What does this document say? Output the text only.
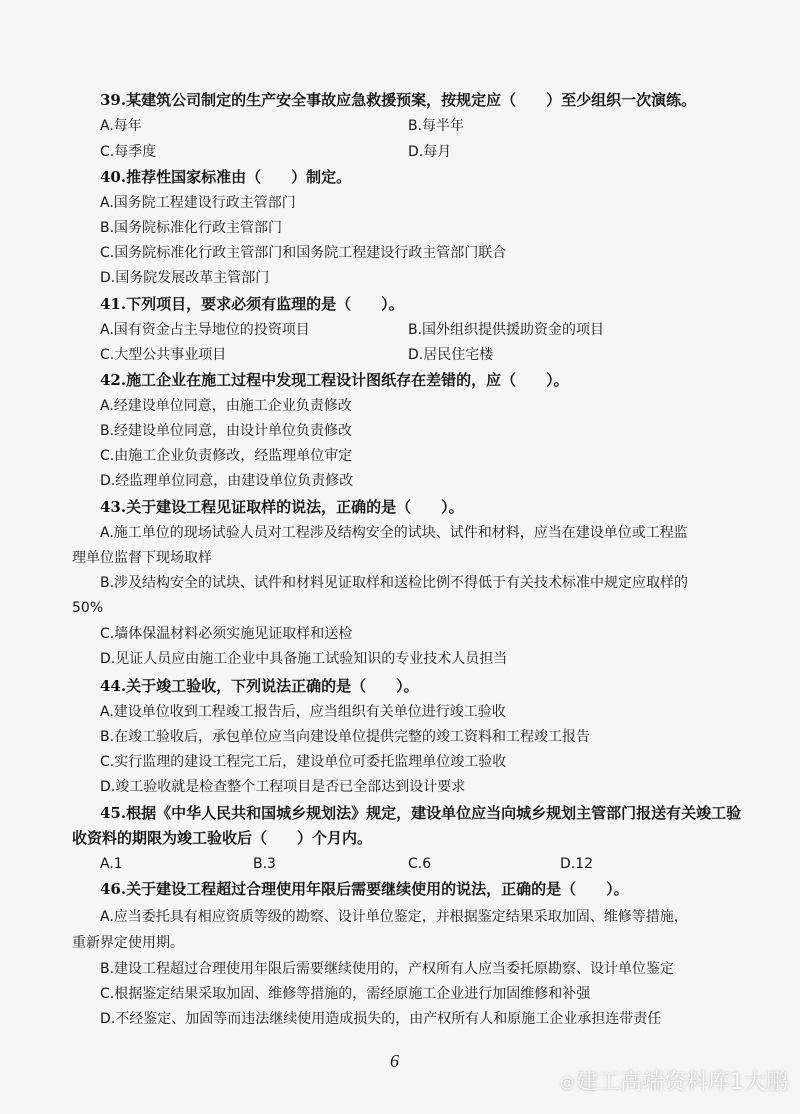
39.某建筑公司制定的生产安全事故应急救援预案，按规定应（　　）至少组织一次演练。
A.每年	B.每半年
C.每季度	D.每月
40.推荐性国家标准由（　　）制定。
A.国务院工程建设行政主管部门
B.国务院标准化行政主管部门
C.国务院标准化行政主管部门和国务院工程建设行政主管部门联合
D.国务院发展改革主管部门
41.下列项目，要求必须有监理的是（　　）。
A.国有资金占主导地位的投资项目	B.国外组织提供援助资金的项目
C.大型公共事业项目	D.居民住宅楼
42.施工企业在施工过程中发现工程设计图纸存在差错的，应（　　）。
A.经建设单位同意，由施工企业负责修改
B.经建设单位同意，由设计单位负责修改
C.由施工企业负责修改，经监理单位审定
D.经监理单位同意，由建设单位负责修改
43.关于建设工程见证取样的说法，正确的是（　　）。
A.施工单位的现场试验人员对工程涉及结构安全的试块、试件和材料，应当在建设单位或工程监
理单位监督下现场取样
B.涉及结构安全的试块、试件和材料见证取样和送检比例不得低于有关技术标准中规定应取样的
50%
C.墙体保温材料必须实施见证取样和送检
D.见证人员应由施工企业中具备施工试验知识的专业技术人员担当
44.关于竣工验收，下列说法正确的是（　　）。
A.建设单位收到工程竣工报告后，应当组织有关单位进行竣工验收
B.在竣工验收后，承包单位应当向建设单位提供完整的竣工资料和工程竣工报告
C.实行监理的建设工程完工后，建设单位可委托监理单位竣工验收
D.竣工验收就是检查整个工程项目是否已全部达到设计要求
45.根据《中华人民共和国城乡规划法》规定，建设单位应当向城乡规划主管部门报送有关竣工验
收资料的期限为竣工验收后（　　）个月内。
A.1	B.3	C.6	D.12
46.关于建设工程超过合理使用年限后需要继续使用的说法，正确的是（　　）。
A.应当委托具有相应资质等级的勘察、设计单位鉴定，并根据鉴定结果采取加固、维修等措施，
重新界定使用期。
B.建设工程超过合理使用年限后需要继续使用的，产权所有人应当委托原勘察、设计单位鉴定
C.根据鉴定结果采取加固、维修等措施的，需经原施工企业进行加固维修和补强
D.不经鉴定、加固等而违法继续使用造成损失的，由产权所有人和原施工企业承担连带责任
6
@建工高端资料库1大鹏
